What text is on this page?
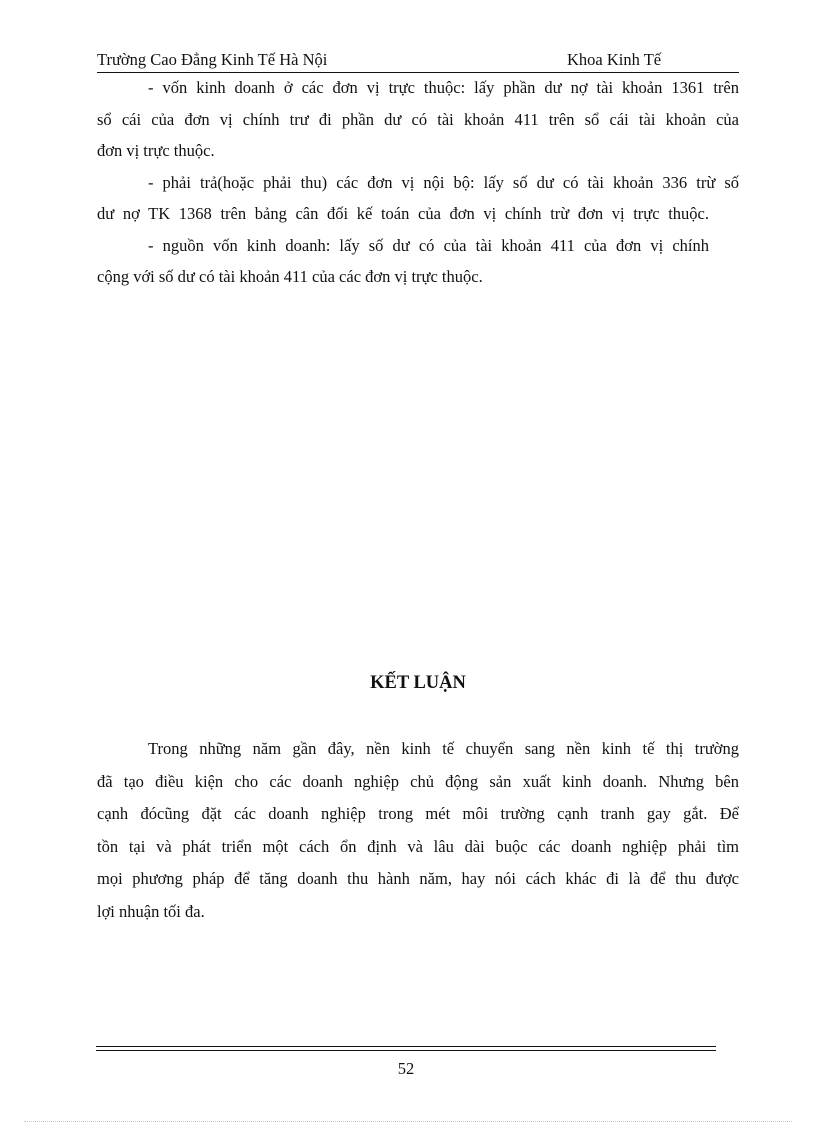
Trường Cao Đẳng Kinh Tế Hà Nội	Khoa Kinh Tế
- vốn kinh doanh ở các đơn vị trực thuộc: lấy phần dư nợ tài khoản 1361 trên
sổ cái của đơn vị chính trư đi phần dư có tài khoản 411 trên sổ cái tài khoản của
đơn vị trực thuộc.
- phải trả(hoặc phải thu) các đơn vị nội bộ: lấy số dư có tài khoản 336 trừ số
dư nợ TK 1368 trên bảng cân đối kế toán của đơn vị chính trừ đơn vị trực thuộc.
- nguồn vốn kinh doanh: lấy số dư có của tài khoản 411 của đơn vị chính
cộng với số dư có tài khoản 411 của các đơn vị trực thuộc.
KẾT LUẬN
Trong những năm gần đây, nền kinh tế chuyển sang nền kinh tế thị trường
đã tạo điều kiện cho các doanh nghiệp chủ động sản xuất kinh doanh. Nhưng bên
cạnh đócũng đặt các doanh nghiệp trong mét môi trường cạnh tranh gay gắt. Để
tồn tại và phát triển một cách ổn định và lâu dài buộc các doanh nghiệp phải tìm
mọi phương pháp để tăng doanh thu hành năm, hay nói cách khác đi là để thu được
lợi nhuận tối đa.
52
